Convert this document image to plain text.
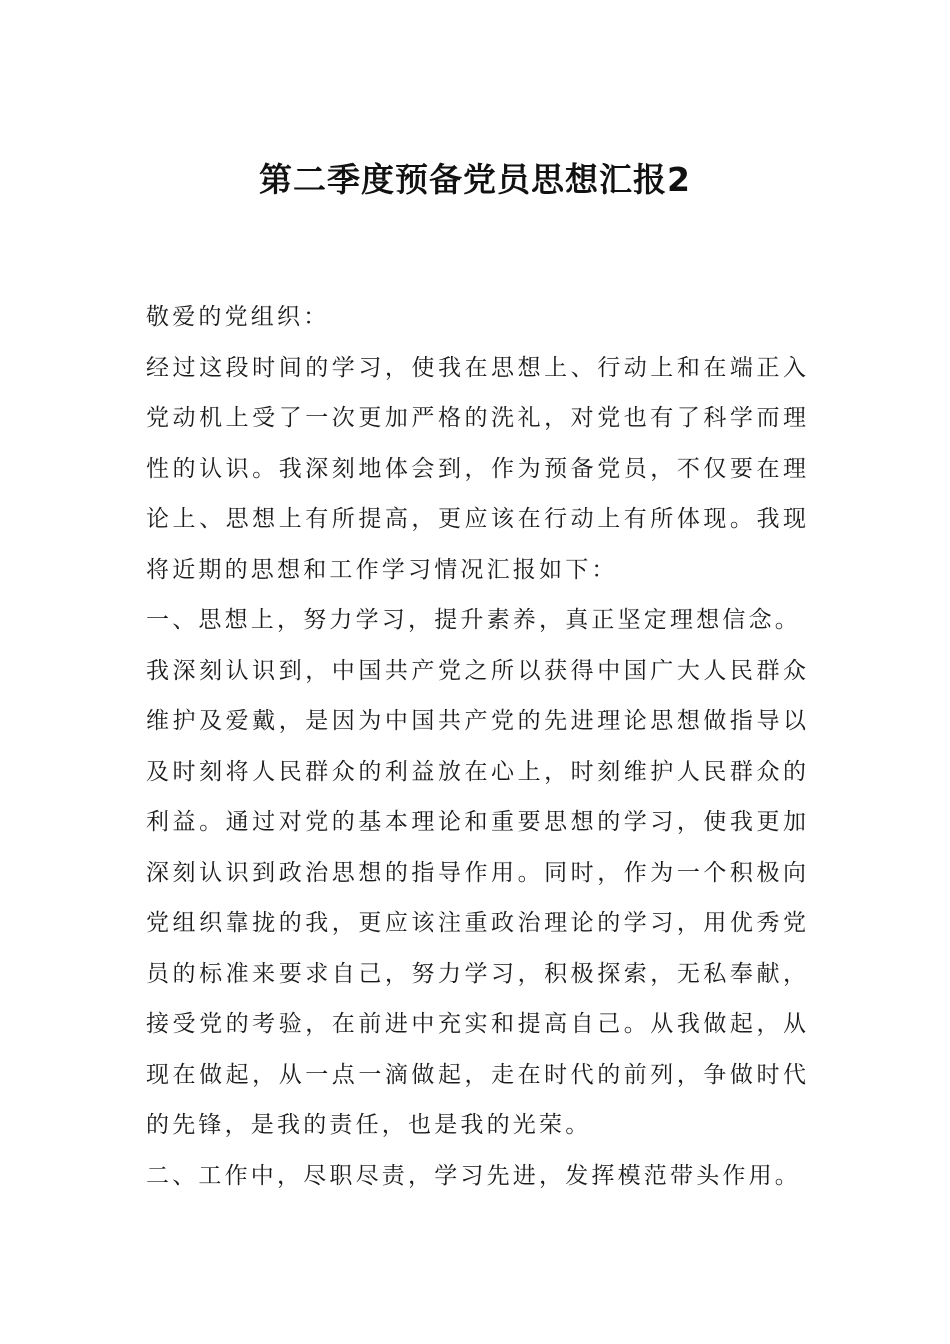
第二季度预备党员思想汇报2
敬爱的党组织：
经过这段时间的学习，使我在思想上、行动上和在端正入
党动机上受了一次更加严格的洗礼，对党也有了科学而理
性的认识。我深刻地体会到，作为预备党员，不仅要在理
论上、思想上有所提高，更应该在行动上有所体现。我现
将近期的思想和工作学习情况汇报如下：
一、思想上，努力学习，提升素养，真正坚定理想信念。
我深刻认识到，中国共产党之所以获得中国广大人民群众
维护及爱戴，是因为中国共产党的先进理论思想做指导以
及时刻将人民群众的利益放在心上，时刻维护人民群众的
利益。通过对党的基本理论和重要思想的学习，使我更加
深刻认识到政治思想的指导作用。同时，作为一个积极向
党组织靠拢的我，更应该注重政治理论的学习，用优秀党
员的标准来要求自己，努力学习，积极探索，无私奉献，
接受党的考验，在前进中充实和提高自己。从我做起，从
现在做起，从一点一滴做起，走在时代的前列，争做时代
的先锋，是我的责任，也是我的光荣。
二、工作中，尽职尽责，学习先进，发挥模范带头作用。
